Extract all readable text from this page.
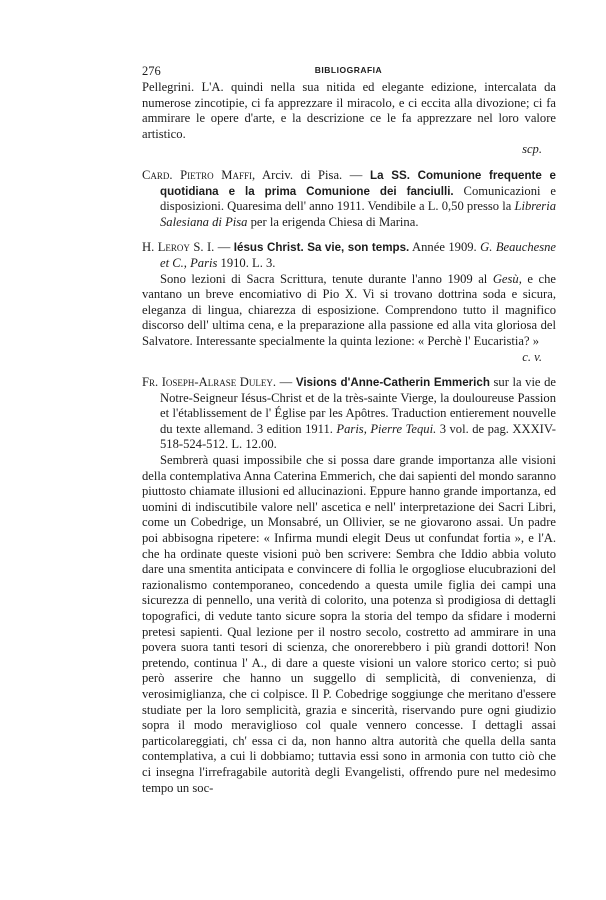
276	BIBLIOGRAFIA

Pellegrini. L'A. quindi nella sua nitida ed elegante edizione, intercalata da numerose zincotipie, ci fa apprezzare il miracolo, e ci eccita alla divozione; ci fa ammirare le opere d'arte, e la descrizione ce le fa apprezzare nel loro valore artistico.
scp.

Card. Pietro Maffi, Arciv. di Pisa. — La SS. Comunione frequente e quotidiana e la prima Comunione dei fanciulli. Comunicazioni e disposizioni. Quaresima dell' anno 1911. Vendibile a L. 0,50 presso la Libreria Salesiana di Pisa per la erigenda Chiesa di Marina.

H. Leroy S. I. — Iésus Christ. Sa vie, son temps. Année 1909. G. Beauchesne et C., Paris 1910. L. 3.

Sono lezioni di Sacra Scrittura, tenute durante l'anno 1909 al Gesù, e che vantano un breve encomiativo di Pio X. Vi si trovano dottrina soda e sicura, eleganza di lingua, chiarezza di esposizione. Comprendono tutto il magnifico discorso dell' ultima cena, e la preparazione alla passione ed alla vita gloriosa del Salvatore. Interessante specialmente la quinta lezione: « Perchè l' Eucaristia? »
c. v.

Fr. Ioseph-Alrase Duley. — Visions d'Anne-Catherin Emmerich sur la vie de Notre-Seigneur Iésus-Christ et de la très-sainte Vierge, la douloureuse Passion et l'établissement de l' Église par les Apôtres. Traduction entierement nouvelle du texte allemand. 3 edition 1911. Paris, Pierre Tequi. 3 vol. de pag. XXXIV-518-524-512. L. 12.00.

Sembrerà quasi impossibile che si possa dare grande importanza alle visioni della contemplativa Anna Caterina Emmerich, che dai sapienti del mondo saranno piuttosto chiamate illusioni ed allucinazioni. Eppure hanno grande importanza, ed uomini di indiscutibile valore nell' ascetica e nell' interpretazione dei Sacri Libri, come un Cobedrige, un Monsabré, un Ollivier, se ne giovarono assai. Un padre poi abbisogna ripetere: « Infirma mundi elegit Deus ut confundat fortia », e l'A. che ha ordinate queste visioni può ben scrivere: Sembra che Iddio abbia voluto dare una smentita anticipata e convincere di follia le orgogliose elucubrazioni del razionalismo contemporaneo, concedendo a questa umile figlia dei campi una sicurezza di pennello, una verità di colorito, una potenza sì prodigiosa di dettagli topografici, di vedute tanto sicure sopra la storia del tempo da sfidare i moderni pretesi sapienti. Qual lezione per il nostro secolo, costretto ad ammirare in una povera suora tanti tesori di scienza, che onorerebbero i più grandi dottori! Non pretendo, continua l' A., di dare a queste visioni un valore storico certo; si può però asserire che hanno un suggello di semplicità, di convenienza, di verosimiglianza, che ci colpisce. Il P. Cobedrige soggiunge che meritano d'essere studiate per la loro semplicità, grazia e sincerità, riservando pure ogni giudizio sopra il modo meraviglioso col quale vennero concesse. I dettagli assai particolareggiati, ch' essa ci da, non hanno altra autorità che quella della santa contemplativa, a cui li dobbiamo; tuttavia essi sono in armonia con tutto ciò che ci insegna l'irrefragabile autorità degli Evangelisti, offrendo pure nel medesimo tempo un soc-
